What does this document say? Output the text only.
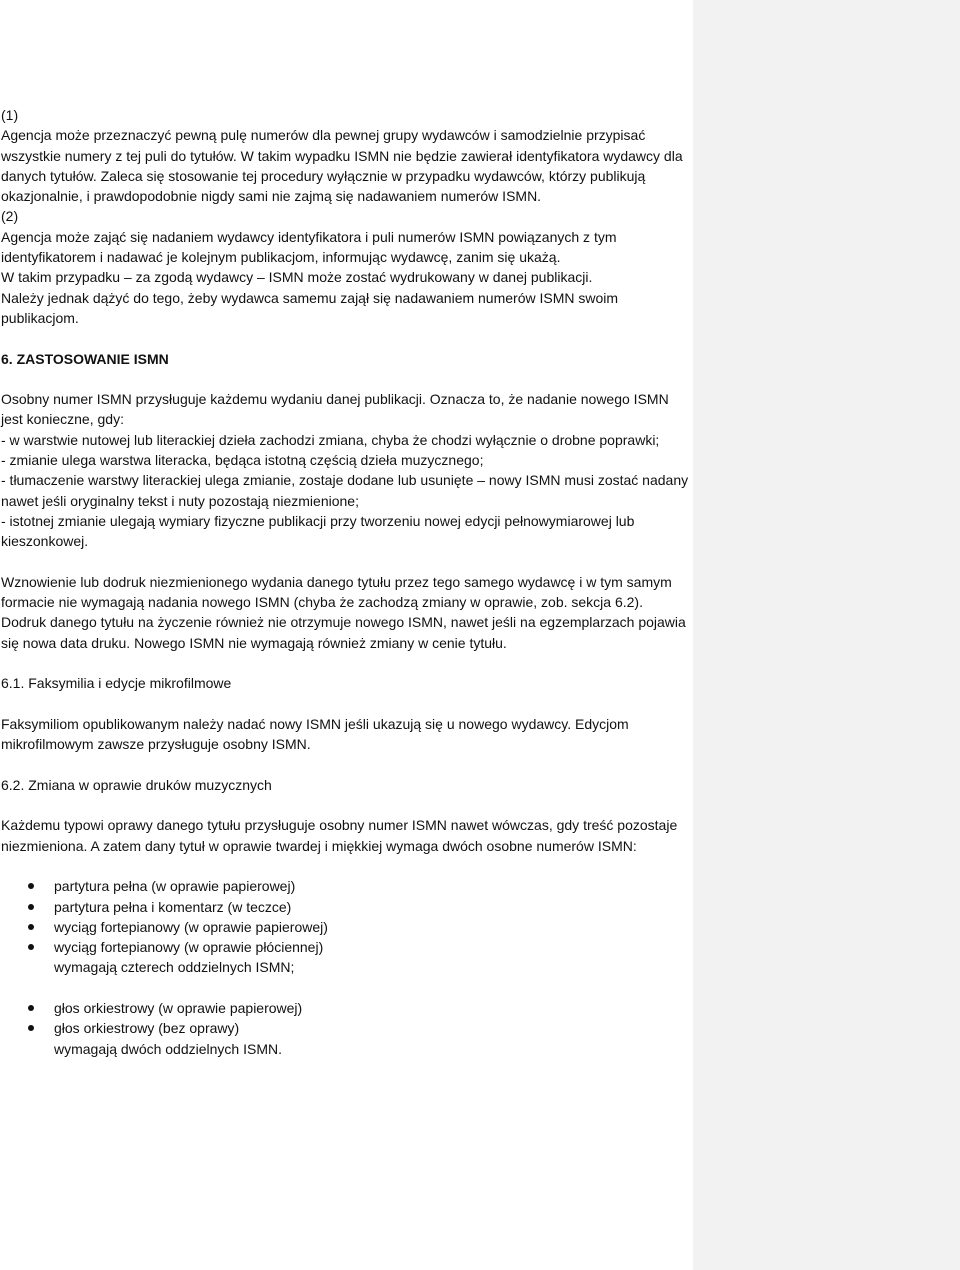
(1)

Agencja może przeznaczyć pewną pulę numerów dla pewnej grupy wydawców i samodzielnie przypisać wszystkie numery z tej puli do tytułów. W takim wypadku ISMN nie będzie zawierał identyfikatora wydawcy dla danych tytułów. Zaleca się stosowanie tej procedury wyłącznie w przypadku wydawców, którzy publikują okazjonalnie, i prawdopodobnie nigdy sami nie zajmą się nadawaniem numerów ISMN.

(2)

Agencja może zająć się nadaniem wydawcy identyfikatora i puli numerów ISMN powiązanych z tym identyfikatorem i nadawać je kolejnym publikacjom, informując wydawcę, zanim się ukażą.

W takim przypadku – za zgodą wydawcy – ISMN może zostać wydrukowany w danej publikacji.

Należy jednak dążyć do tego, żeby wydawca samemu zajął się nadawaniem numerów ISMN swoim publikacjom.

6. ZASTOSOWANIE ISMN

Osobny numer ISMN przysługuje każdemu wydaniu danej publikacji. Oznacza to, że nadanie nowego ISMN jest konieczne, gdy:

- w warstwie nutowej lub literackiej dzieła zachodzi zmiana, chyba że chodzi wyłącznie o drobne poprawki;

- zmianie ulega warstwa literacka, będąca istotną częścią dzieła muzycznego;

- tłumaczenie warstwy literackiej ulega zmianie, zostaje dodane lub usunięte – nowy ISMN musi zostać nadany nawet jeśli oryginalny tekst i nuty pozostają niezmienione;

- istotnej zmianie ulegają wymiary fizyczne publikacji przy tworzeniu nowej edycji pełnowymiarowej lub kieszonkowej.

Wznowienie lub dodruk niezmienionego wydania danego tytułu przez tego samego wydawcę i w tym samym formacie nie wymagają nadania nowego ISMN (chyba że zachodzą zmiany w oprawie, zob. sekcja 6.2). Dodruk danego tytułu na życzenie również nie otrzymuje nowego ISMN, nawet jeśli na egzemplarzach pojawia się nowa data druku. Nowego ISMN nie wymagają również zmiany w cenie tytułu.

6.1. Faksymilia i edycje mikrofilmowe

Faksymiliom opublikowanym należy nadać nowy ISMN jeśli ukazują się u nowego wydawcy. Edycjom mikrofilmowym zawsze przysługuje osobny ISMN.

6.2. Zmiana w oprawie druków muzycznych

Każdemu typowi oprawy danego tytułu przysługuje osobny numer ISMN nawet wówczas, gdy treść pozostaje niezmieniona. A zatem dany tytuł w oprawie twardej i miękkiej wymaga dwóch osobne numerów ISMN:

partytura pełna (w oprawie papierowej)
partytura pełna i komentarz (w teczce)
wyciąg fortepianowy (w oprawie papierowej)
wyciąg fortepianowy (w oprawie płóciennej)

wymagają czterech oddzielnych ISMN;

głos orkiestrowy (w oprawie papierowej)
głos orkiestrowy (bez oprawy)

wymagają dwóch oddzielnych ISMN.
